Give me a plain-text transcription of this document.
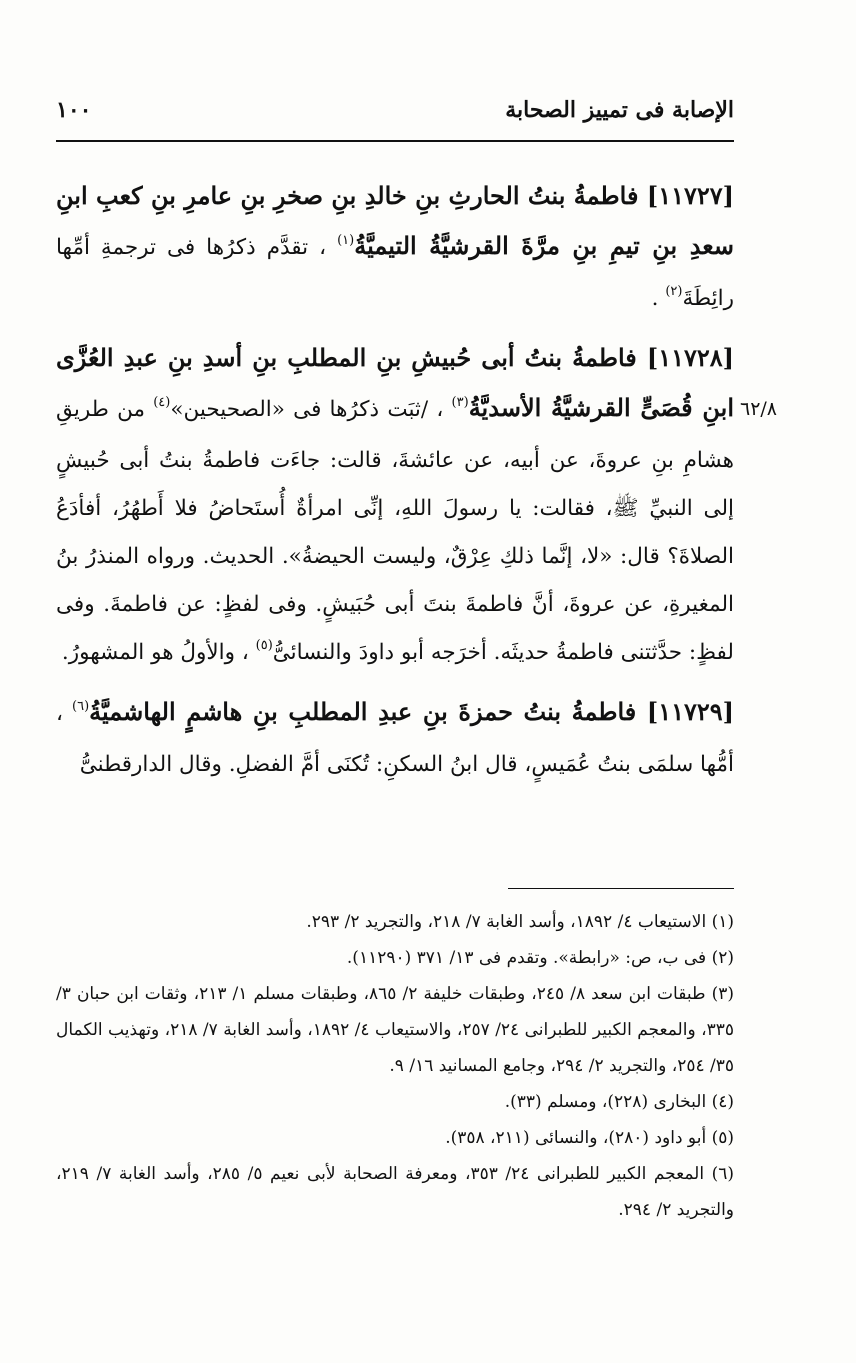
الإصابة فى تمييز الصحابة
١٠٠
٦٢/٨

[١١٧٢٧] فاطمةُ بنتُ الحارثِ بنِ خالدِ بنِ صخرِ بنِ عامرِ بنِ كعبِ ابنِ سعدِ بنِ تيمِ بنِ مرَّةَ القرشيَّةُ التيميَّةُ$^{(١)}$ ، تقدَّم ذكرُها فى ترجمةِ أمِّها رائِطَةَ$^{(٢)}$ .

[١١٧٢٨] فاطمةُ بنتُ أبى حُبيشِ بنِ المطلبِ بنِ أسدِ بنِ عبدِ العُزَّى ابنِ قُصَىٍّ القرشيَّةُ الأسديَّةُ$^{(٣)}$ ، /ثبَت ذكرُها فى «الصحيحين»$^{(٤)}$ من طريقِ هشامِ بنِ عروةَ، عن أبيه، عن عائشةَ، قالت: جاءَت فاطمةُ بنتُ أبى حُبيشٍ إلى النبيِّ ﷺ، فقالت: يا رسولَ اللهِ، إنِّى امرأةٌ أُستَحاضُ فلا أَطهُرُ، أفأدَعُ الصلاةَ؟ قال: «لا، إنَّما ذلكِ عِرْقٌ، وليست الحيضةُ». الحديث. ورواه المنذرُ بنُ المغيرةِ، عن عروةَ، أنَّ فاطمةَ بنتَ أبى حُبَيشٍ. وفى لفظٍ: عن فاطمةَ. وفى لفظٍ: حدَّثتنى فاطمةُ حديثَه. أخرَجه أبو داودَ والنسائىُّ$^{(٥)}$ ، والأولُ هو المشهورُ.

[١١٧٢٩] فاطمةُ بنتُ حمزةَ بنِ عبدِ المطلبِ بنِ هاشمٍ الهاشميَّةُ$^{(٦)}$ ، أمُّها سلمَى بنتُ عُمَيسٍ، قال ابنُ السكنِ: تُكنَى أمَّ الفضلِ. وقال الدارقطنىُّ

(١) الاستيعاب ٤/ ١٨٩٢، وأسد الغابة ٧/ ٢١٨، والتجريد ٢/ ٢٩٣.

(٢) فى ب، ص: «رابطة». وتقدم فى ١٣/ ٣٧١ (١١٢٩٠).

(٣) طبقات ابن سعد ٨/ ٢٤٥، وطبقات خليفة ٢/ ٨٦٥، وطبقات مسلم ١/ ٢١٣، وثقات ابن حبان ٣/ ٣٣٥، والمعجم الكبير للطبرانى ٢٤/ ٢٥٧، والاستيعاب ٤/ ١٨٩٢، وأسد الغابة ٧/ ٢١٨، وتهذيب الكمال ٣٥/ ٢٥٤، والتجريد ٢/ ٢٩٤، وجامع المسانيد ١٦/ ٩.

(٤) البخارى (٢٢٨)، ومسلم (٣٣).

(٥) أبو داود (٢٨٠)، والنسائى (٢١١، ٣٥٨).

(٦) المعجم الكبير للطبرانى ٢٤/ ٣٥٣، ومعرفة الصحابة لأبى نعيم ٥/ ٢٨٥، وأسد الغابة ٧/ ٢١٩، والتجريد ٢/ ٢٩٤.
